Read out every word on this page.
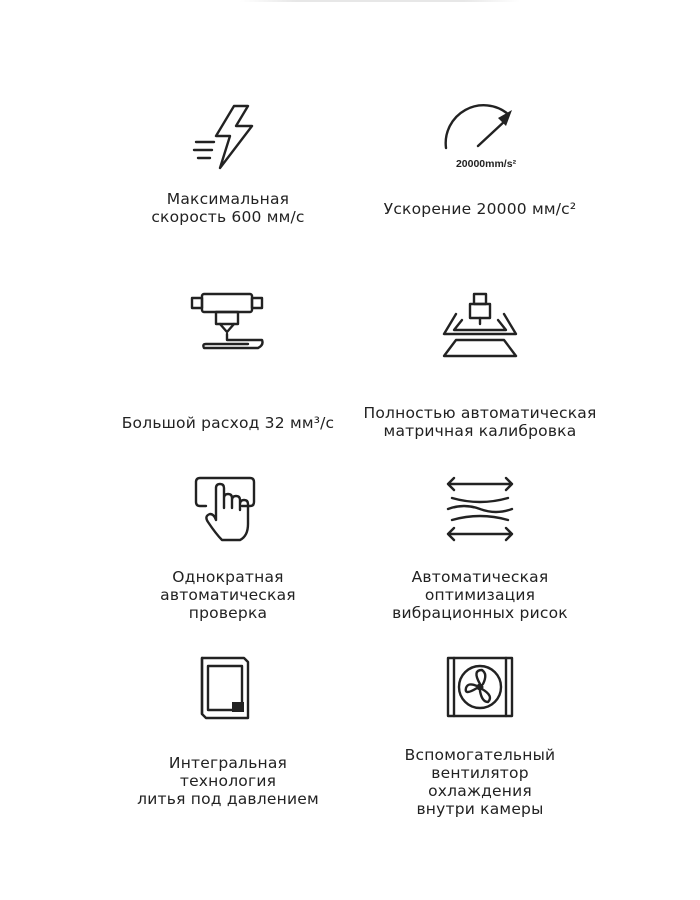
Максимальная
скорость 600 мм/с
20000mm/s²
Ускорение 20000 мм/с²
Большой расход 32 мм³/с
Полностью автоматическая
матричная калибровка
Однократная
автоматическая
проверка
Автоматическая
оптимизация
вибрационных рисок
Интегральная
технология
литья под давлением
Вспомогательный
вентилятор
охлаждения
внутри камеры
